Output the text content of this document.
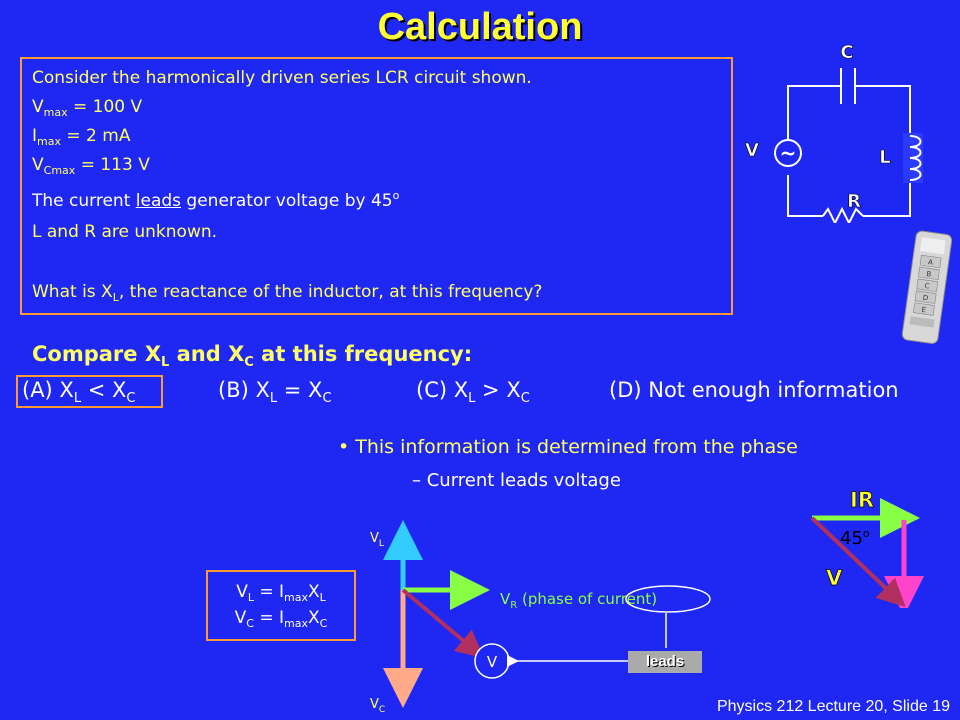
Calculation
Consider the harmonically driven series LCR circuit shown.
$V_{max} = 100$ V
$I_{max} = 2$ mA
$V_{Cmax} = 113$ V
The current leads generator voltage by 45$^o$
L and R are unknown.
What is $X_L$, the reactance of the inductor, at this frequency?
Compare $X_L$ and $X_C$ at this frequency:
(A) $X_L < X_C$	(B) $X_L = X_C$	(C) $X_L > X_C$	(D) Not enough information
• This information is determined from the phase
– Current leads voltage
~
C
L
R
V
A
B
C
D
E
$V_L$
$V_C$
$V_R$ (phase of current)
V	leads
$V_L = I_{max}X_L$
$V_C = I_{max}X_C$
IR
45$^o$
V
Physics 212 Lecture 20, Slide 19
